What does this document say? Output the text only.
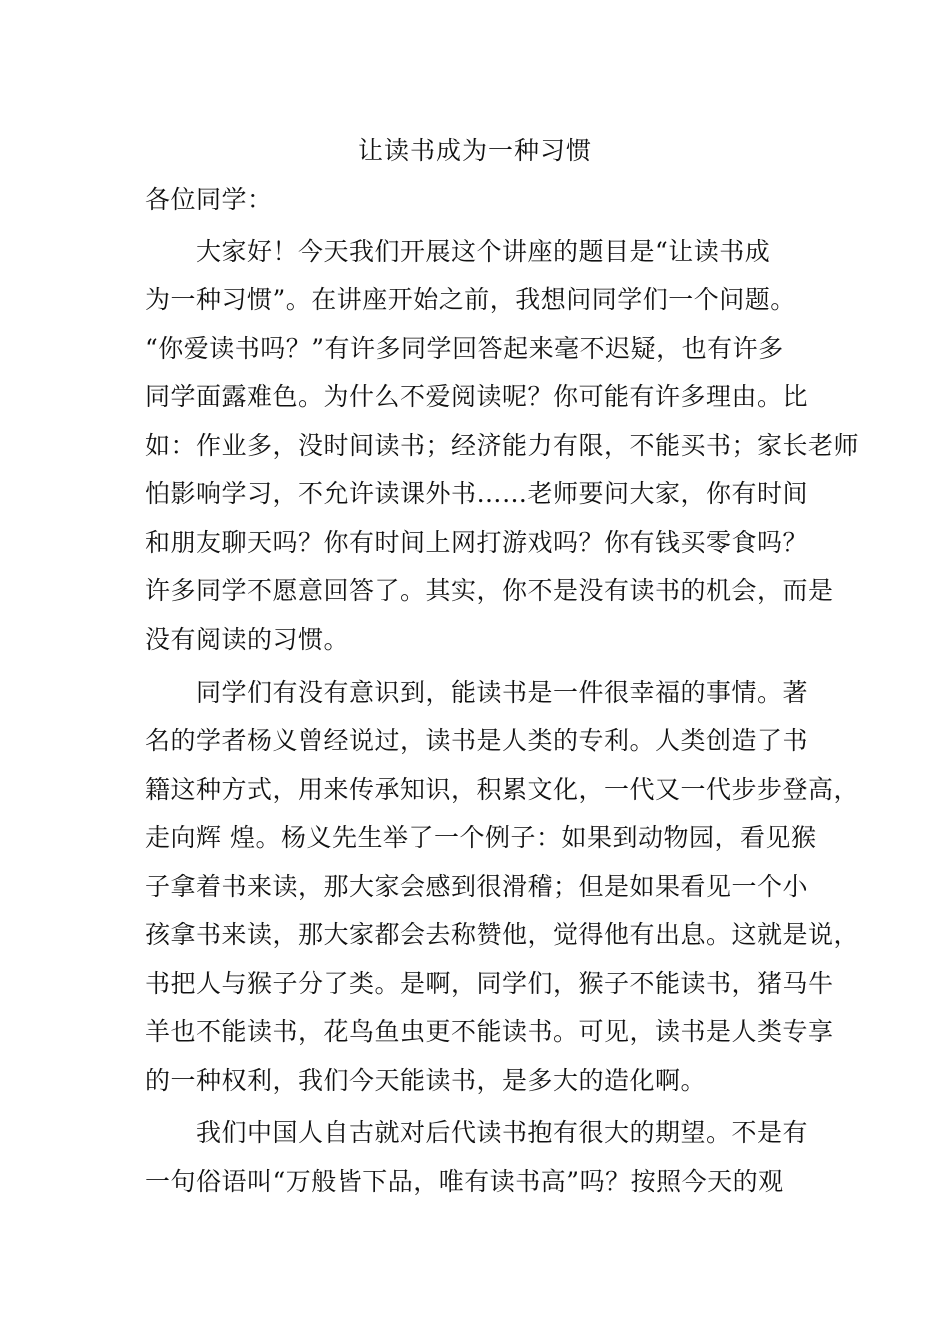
让读书成为一种习惯
各位同学：
　　大家好！今天我们开展这个讲座的题目是“让读书成
为一种习惯”。在讲座开始之前，我想问同学们一个问题。
“你爱读书吗？”有许多同学回答起来毫不迟疑，也有许多
同学面露难色。为什么不爱阅读呢？你可能有许多理由。比
如：作业多，没时间读书；经济能力有限，不能买书；家长老师
怕影响学习，不允许读课外书……老师要问大家，你有时间
和朋友聊天吗？你有时间上网打游戏吗？你有钱买零食吗？
许多同学不愿意回答了。其实，你不是没有读书的机会，而是
没有阅读的习惯。
　　同学们有没有意识到，能读书是一件很幸福的事情。著
名的学者杨义曾经说过，读书是人类的专利。人类创造了书
籍这种方式，用来传承知识，积累文化，一代又一代步步登高，
走向辉 煌。杨义先生举了一个例子：如果到动物园，看见猴
子拿着书来读，那大家会感到很滑稽；但是如果看见一个小
孩拿书来读，那大家都会去称赞他，觉得他有出息。这就是说，
书把人与猴子分了类。是啊，同学们，猴子不能读书，猪马牛
羊也不能读书，花鸟鱼虫更不能读书。可见，读书是人类专享
的一种权利，我们今天能读书，是多大的造化啊。
　　我们中国人自古就对后代读书抱有很大的期望。不是有
一句俗语叫“万般皆下品，唯有读书高”吗？按照今天的观
